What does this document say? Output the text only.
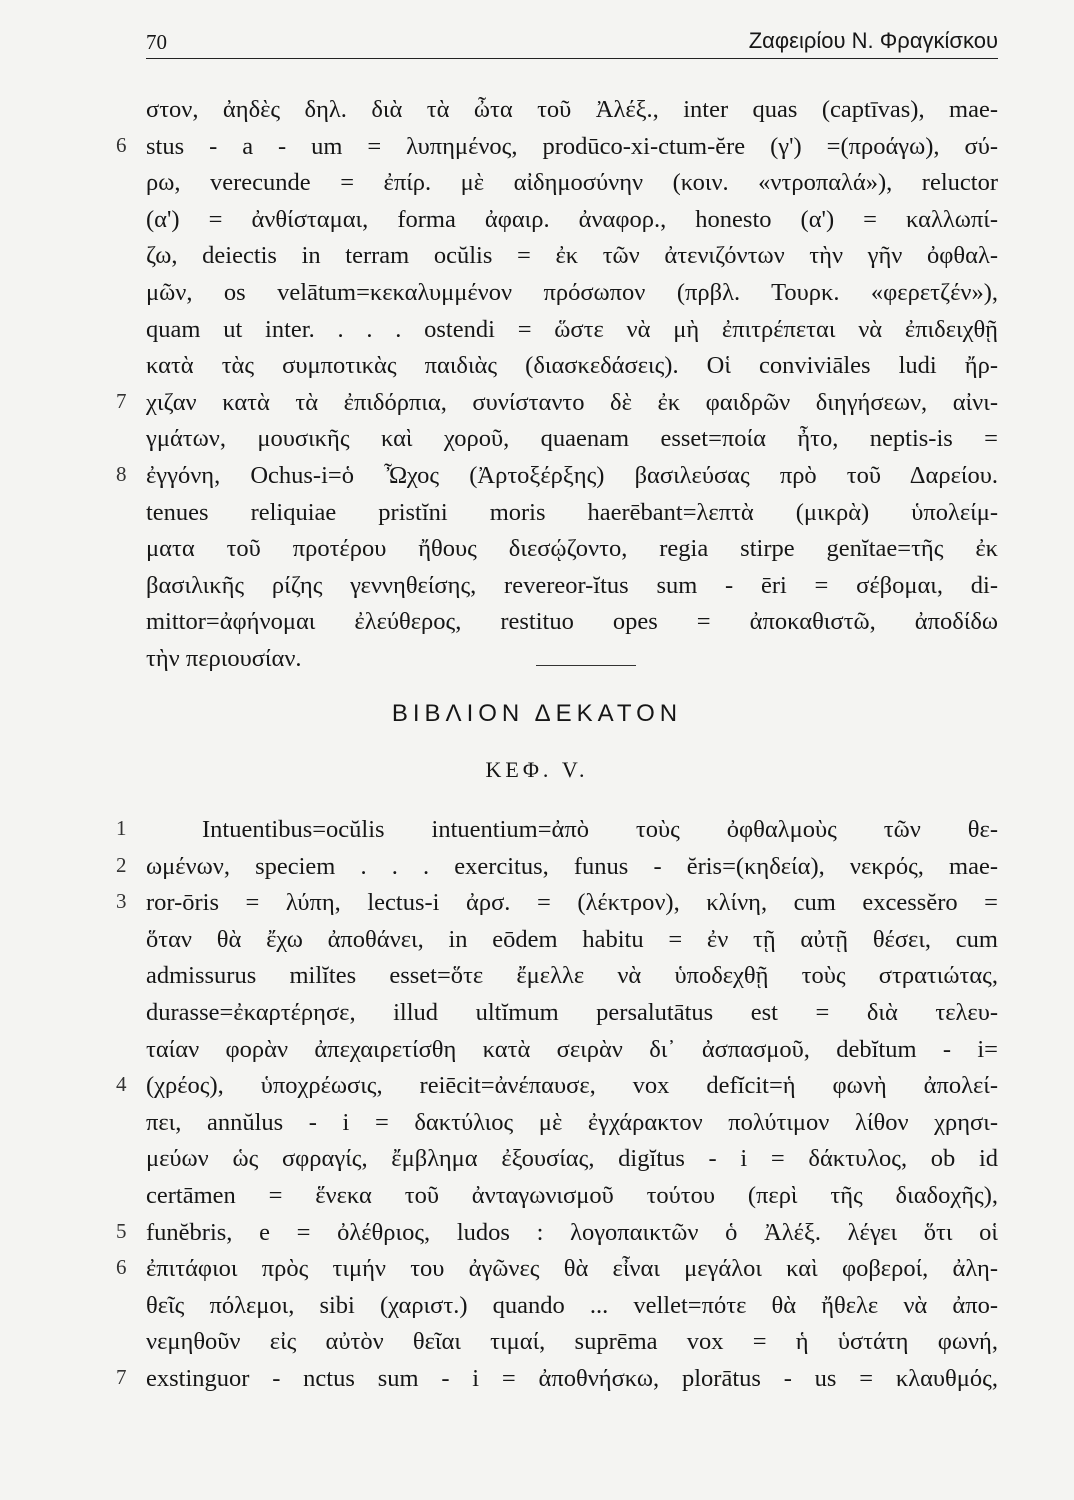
70	Ζαφειρίου Ν. Φραγκίσκου
στον, ἀηδὲς δηλ. διὰ τὰ ὦτα τοῦ Ἀλέξ., inter quas (captīvas), mae-
6 stus - a - um = λυπημένος, prodūco-xi-ctum-ĕre (γ') =(προάγω), σύ-
ρω, verecunde = ἐπίρ. μὲ αἰδημοσύνην (κοιν. «ντροπαλά»), reluctor
(α') = ἀνθίσταμαι, forma ἀφαιρ. ἀναφορ., honesto (α') = καλλωπί-
ζω, deiectis in terram ocŭlis = ἐκ τῶν ἀτενιζόντων τὴν γῆν ὀφθαλ-
μῶν, os velātum=κεκαλυμμένον πρόσωπον (πρβλ. Τουρκ. «φερετζέν»),
quam ut inter. . . . ostendi = ὥστε νὰ μὴ ἐπιτρέπεται νὰ ἐπιδειχθῇ
κατὰ τὰς συμποτικὰς παιδιὰς (διασκεδάσεις). Οἱ conviviāles ludi ἤρ-
7 χιζαν κατὰ τὰ ἐπιδόρπια, συνίσταντο δὲ ἐκ φαιδρῶν διηγήσεων, αἰνι-
γμάτων, μουσικῆς καὶ χοροῦ, quaenam esset=ποία ἦτο, neptis-is =
8 ἐγγόνη, Ochus-i=ὁ Ὦχος (Ἀρτοξέρξης) βασιλεύσας πρὸ τοῦ Δαρείου.
tenues reliquiae pristĭni moris haerēbant=λεπτὰ (μικρὰ) ὑπολείμ-
ματα τοῦ προτέρου ἤθους διεσῴζοντο, regia stirpe genĭtae=τῆς ἐκ
βασιλικῆς ρίζης γεννηθείσης, revereor-ĭtus sum - ēri = σέβομαι, di-
mittor=ἀφήνομαι ἐλεύθερος, restituo opes = ἀποκαθιστῶ, ἀποδίδω
τὴν περιουσίαν.
ΒΙΒΛΙΟΝ ΔΕΚΑΤΟΝ
ΚΕΦ. V.
1	Intuentibus=ocŭlis intuentium=ἀπὸ τοὺς ὀφθαλμοὺς τῶν θε-
2 ωμένων, speciem . . . exercitus, funus - ĕris=(κηδεία), νεκρός, mae-
3 ror-ōris = λύπη, lectus-i ἀρσ. = (λέκτρον), κλίνη, cum excessĕro =
ὅταν θὰ ἔχω ἀποθάνει, in eōdem habitu = ἐν τῇ αὐτῇ θέσει, cum
admissurus milĭtes esset=ὅτε ἔμελλε νὰ ὑποδεχθῇ τοὺς στρατιώτας,
durasse=ἐκαρτέρησε, illud ultĭmum persalutātus est = διὰ τελευ-
ταίαν φορὰν ἀπεχαιρετίσθη κατὰ σειρὰν δι᾿ ἀσπασμοῦ, debĭtum - i=
4 (χρέος), ὑποχρέωσις, reiēcit=ἀνέπαυσε, vox defĭcit=ἡ φωνὴ ἀπολεί-
πει, annŭlus - i = δακτύλιος μὲ ἐγχάρακτον πολύτιμον λίθον χρησι-
μεύων ὡς σφραγίς, ἔμβλημα ἐξουσίας, digĭtus - i = δάκτυλος, ob id
certāmen = ἕνεκα τοῦ ἀνταγωνισμοῦ τούτου (περὶ τῆς διαδοχῆς),
5 funĕbris, e = ὀλέθριος, ludos : λογοπαικτῶν ὁ Ἀλέξ. λέγει ὅτι οἱ
6 ἐπιτάφιοι πρὸς τιμήν του ἀγῶνες θὰ εἶναι μεγάλοι καὶ φοβεροί, ἀλη-
θεῖς πόλεμοι, sibi (χαριστ.) quando ... vellet=πότε θὰ ἤθελε νὰ ἀπο-
νεμηθοῦν εἰς αὐτὸν θεῖαι τιμαί, suprēma vox = ἡ ὑστάτη φωνή,
7 exstinguor - nctus sum - i = ἀποθνήσκω, plorātus - us = κλαυθμός,
